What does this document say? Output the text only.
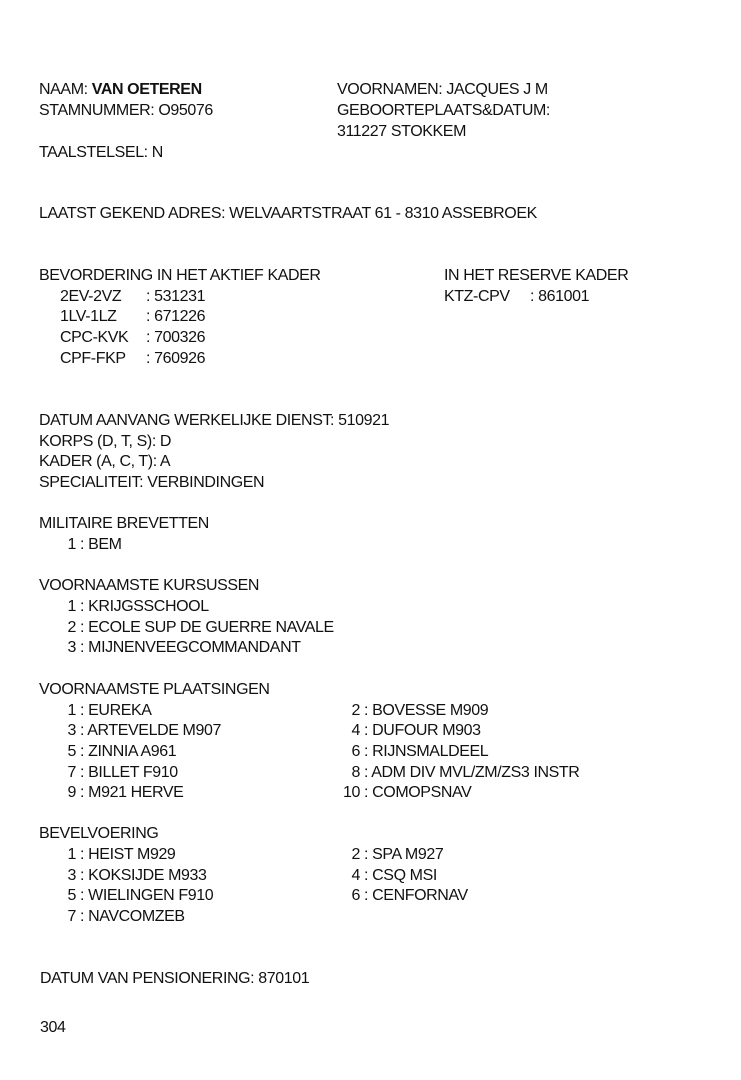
NAAM: VAN OETEREN
STAMNUMMER: O95076
VOORNAMEN: JACQUES J M
GEBOORTEPLAATS&DATUM:
311227 STOKKEM
TAALSTELSEL: N
LAATST GEKEND ADRES: WELVAARTSTRAAT 61 - 8310 ASSEBROEK
BEVORDERING IN HET AKTIEF KADER	IN HET RESERVE KADER
2EV-2VZ : 531231
1LV-1LZ : 671226
CPC-KVK : 700326
CPF-FKP : 760926
KTZ-CPV : 861001
DATUM AANVANG WERKELIJKE DIENST: 510921
KORPS (D, T, S): D
KADER (A, C, T): A
SPECIALITEIT: VERBINDINGEN
MILITAIRE BREVETTEN
1 : BEM
VOORNAAMSTE KURSUSSEN
1 : KRIJGSSCHOOL
2 : ECOLE SUP DE GUERRE NAVALE
3 : MIJNENVEEGCOMMANDANT
VOORNAAMSTE PLAATSINGEN
1 : EUREKA
3 : ARTEVELDE M907
5 : ZINNIA A961
7 : BILLET F910
9 : M921 HERVE
2 : BOVESSE M909
4 : DUFOUR M903
6 : RIJNSMALDEEL
8 : ADM DIV MVL/ZM/ZS3 INSTR
10 : COMOPSNAV
BEVELVOERING
1 : HEIST M929
3 : KOKSIJDE M933
5 : WIELINGEN F910
7 : NAVCOMZEB
2 : SPA M927
4 : CSQ MSI
6 : CENFORNAV
DATUM VAN PENSIONERING: 870101
304
